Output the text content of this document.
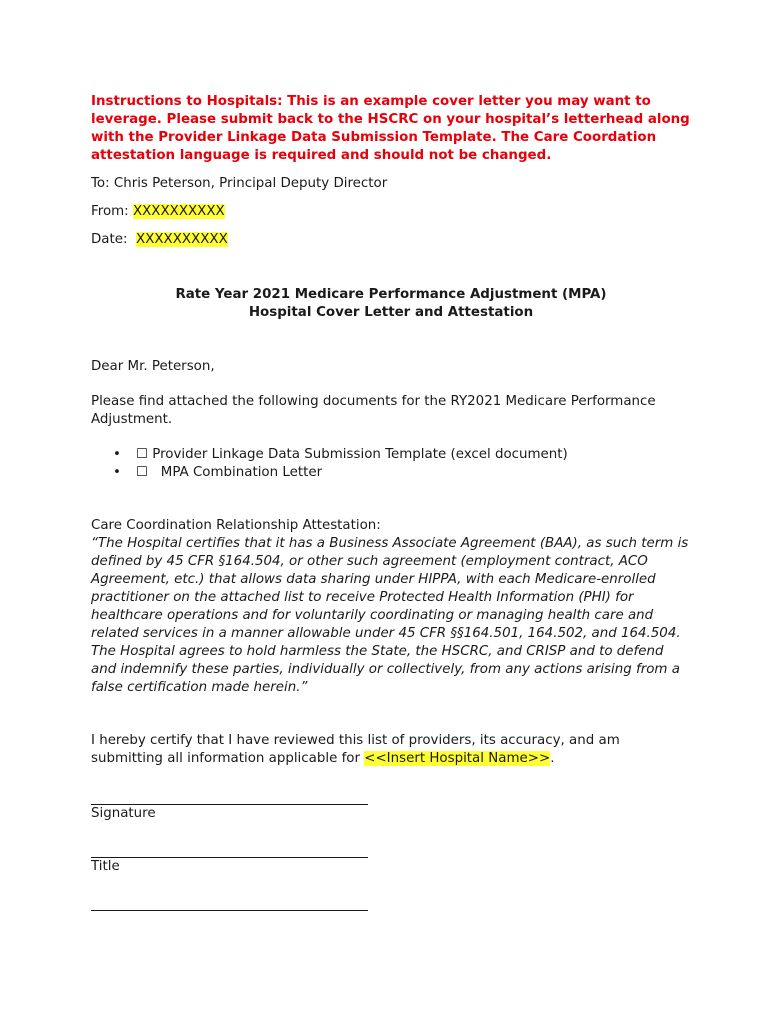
Instructions to Hospitals: This is an example cover letter you may want to leverage. Please submit back to the HSCRC on your hospital’s letterhead along with the Provider Linkage Data Submission Template. The Care Coordation attestation language is required and should not be changed.

To: Chris Peterson, Principal Deputy Director

From: XXXXXXXXXX

Date:  XXXXXXXXXX

Rate Year 2021 Medicare Performance Adjustment (MPA)
Hospital Cover Letter and Attestation

Dear Mr. Peterson,

Please find attached the following documents for the RY2021 Medicare Performance Adjustment.

• ☐ Provider Linkage Data Submission Template (excel document)
• ☐   MPA Combination Letter

Care Coordination Relationship Attestation:

“The Hospital certifies that it has a Business Associate Agreement (BAA), as such term is defined by 45 CFR §164.504, or other such agreement (employment contract, ACO Agreement, etc.) that allows data sharing under HIPPA, with each Medicare-enrolled practitioner on the attached list to receive Protected Health Information (PHI) for healthcare operations and for voluntarily coordinating or managing health care and related services in a manner allowable under 45 CFR §§164.501, 164.502, and 164.504. The Hospital agrees to hold harmless the State, the HSCRC, and CRISP and to defend and indemnify these parties, individually or collectively, from any actions arising from a false certification made herein.”

I hereby certify that I have reviewed this list of providers, its accuracy, and am submitting all information applicable for <<Insert Hospital Name>>.

Signature

Title
